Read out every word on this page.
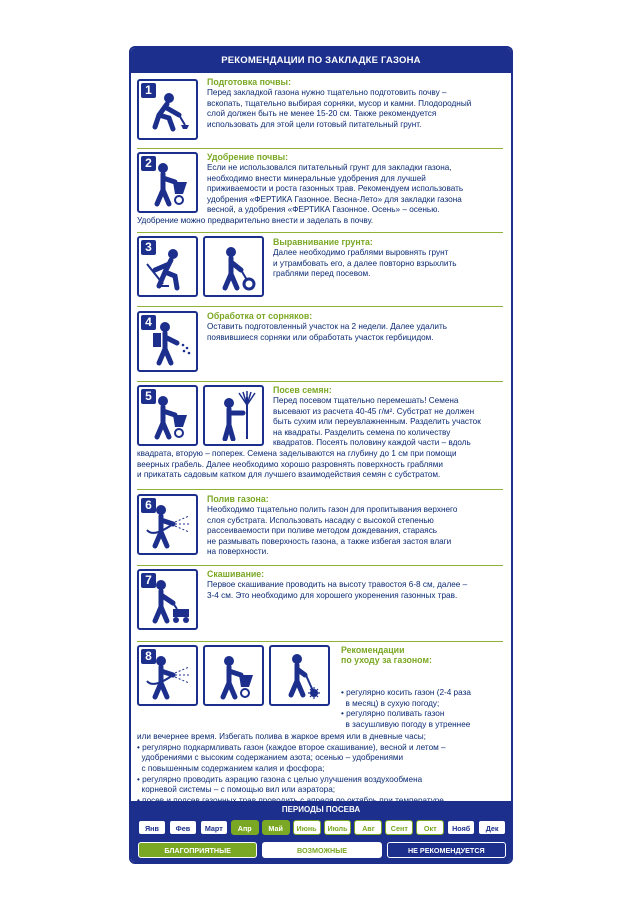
РЕКОМЕНДАЦИИ ПО ЗАКЛАДКЕ ГАЗОНА
1
Подготовка почвы:
Перед закладкой газона нужно тщательно подготовить почву –
вскопать, тщательно выбирая сорняки, мусор и камни. Плодородный
слой должен быть не менее 15-20 см. Также рекомендуется
использовать для этой цели готовый питательный грунт.
2	Удобрение почвы:
Если не использовался питательный грунт для закладки газона,
необходимо внести минеральные удобрения для лучшей
приживаемости и роста газонных трав. Рекомендуем использовать
удобрения «ФЕРТИКА Газонное. Весна-Лето» для закладки газона
весной, а удобрения «ФЕРТИКА Газонное. Осень» – осенью.
Удобрение можно предварительно внести и заделать в почву.
3	Выравнивание грунта:
Далее необходимо граблями выровнять грунт
и утрамбовать его, а далее повторно взрыхлить
граблями перед посевом.
4	Обработка от сорняков:
Оставить подготовленный участок на 2 недели. Далее удалить
появившиеся сорняки или обработать участок гербицидом.
5	Посев семян:
Перед посевом тщательно перемешать! Семена
высевают из расчета 40-45 г/м². Субстрат не должен
быть сухим или переувлажненным. Разделить участок
на квадраты. Разделить семена по количеству
квадратов. Посеять половину каждой части – вдоль
квадрата, вторую – поперек. Семена заделываются на глубину до 1 см при помощи
веерных грабель. Далее необходимо хорошо разровнять поверхность граблями
и прикатать садовым катком для лучшего взаимодействия семян с субстратом.
6	Полив газона:
Необходимо тщательно полить газон для пропитывания верхнего
слоя субстрата. Использовать насадку с высокой степенью
рассеиваемости при поливе методом дождевания, стараясь
не размывать поверхность газона, а также избегая застоя влаги
на поверхности.
7	Скашивание:
Первое скашивание проводить на высоту травостоя 6-8 см, далее –
3-4 см. Это необходимо для хорошего укоренения газонных трав.
8	Рекомендации
по уходу за газоном:

• регулярно косить газон (2-4 раза
в месяц) в сухую погоду;
• регулярно поливать газон
в засушливую погоду в утреннее

или вечернее время. Избегать полива в жаркое время или в дневные часы;
• регулярно подкармливать газон (каждое второе скашивание), весной и летом –
удобрениями с высоким содержанием азота; осенью – удобрениями
с повышенным содержанием калия и фосфора;
• регулярно проводить аэрацию газона с целью улучшения воздухообмена
корневой системы – с помощью вил или аэратора;

ПЕРИОДЫ ПОСЕВА
Янв	Фев	Март	Апр	Май	Июнь	Июль	Авг	Сент	Окт	Нояб	Дек
БЛАГОПРИЯТНЫЕ	ВОЗМОЖНЫЕ	НЕ РЕКОМЕНДУЕТСЯ
